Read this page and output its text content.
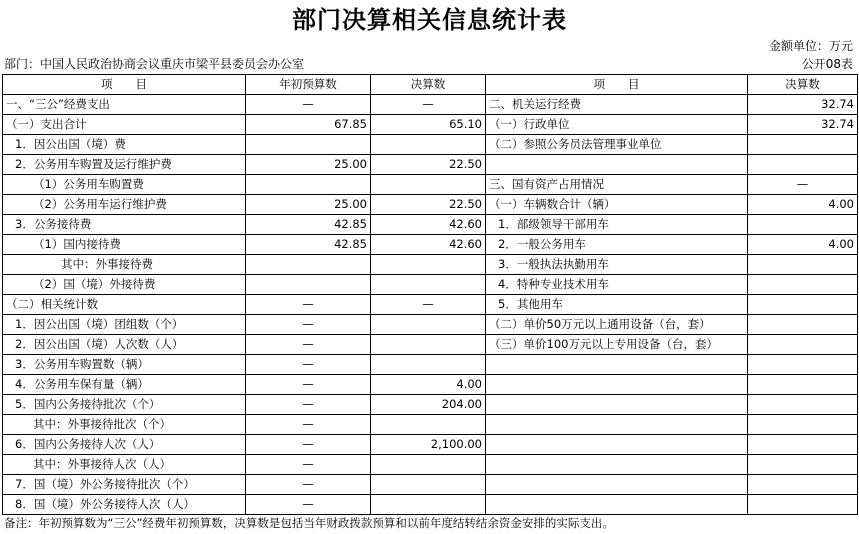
部门决算相关信息统计表
金额单位：万元
部门：中国人民政治协商会议重庆市梁平县委员会办公室	公开08表
项　　目	年初预算数	决算数	项　　目	决算数
一、“三公”经费支出	—	—	二、机关运行经费	32.74
（一）支出合计	67.85	65.10	（一）行政单位	32.74
1．因公出国（境）费			（二）参照公务员法管理事业单位	
2．公务用车购置及运行维护费	25.00	22.50		
（1）公务用车购置费			三、国有资产占用情况	—
（2）公务用车运行维护费	25.00	22.50	（一）车辆数合计（辆）	4.00
3．公务接待费	42.85	42.60	1．部级领导干部用车	
（1）国内接待费	42.85	42.60	2．一般公务用车	4.00
其中：外事接待费			3．一般执法执勤用车	
（2）国（境）外接待费			4．特种专业技术用车	
（二）相关统计数	—	—	5．其他用车	
1．因公出国（境）团组数（个）	—		（二）单价50万元以上通用设备（台，套）	
2．因公出国（境）人次数（人）	—		（三）单价100万元以上专用设备（台，套）	
3．公务用车购置数（辆）	—			
4．公务用车保有量（辆）	—	4.00		
5．国内公务接待批次（个）	—	204.00		
其中：外事接待批次（个）	—			
6．国内公务接待人次（人）	—	2,100.00		
其中：外事接待人次（人）	—			
7．国（境）外公务接待批次（个）	—			
8．国（境）外公务接待人次（人）	—			
备注：年初预算数为“三公”经费年初预算数，决算数是包括当年财政拨款预算和以前年度结转结余资金安排的实际支出。
